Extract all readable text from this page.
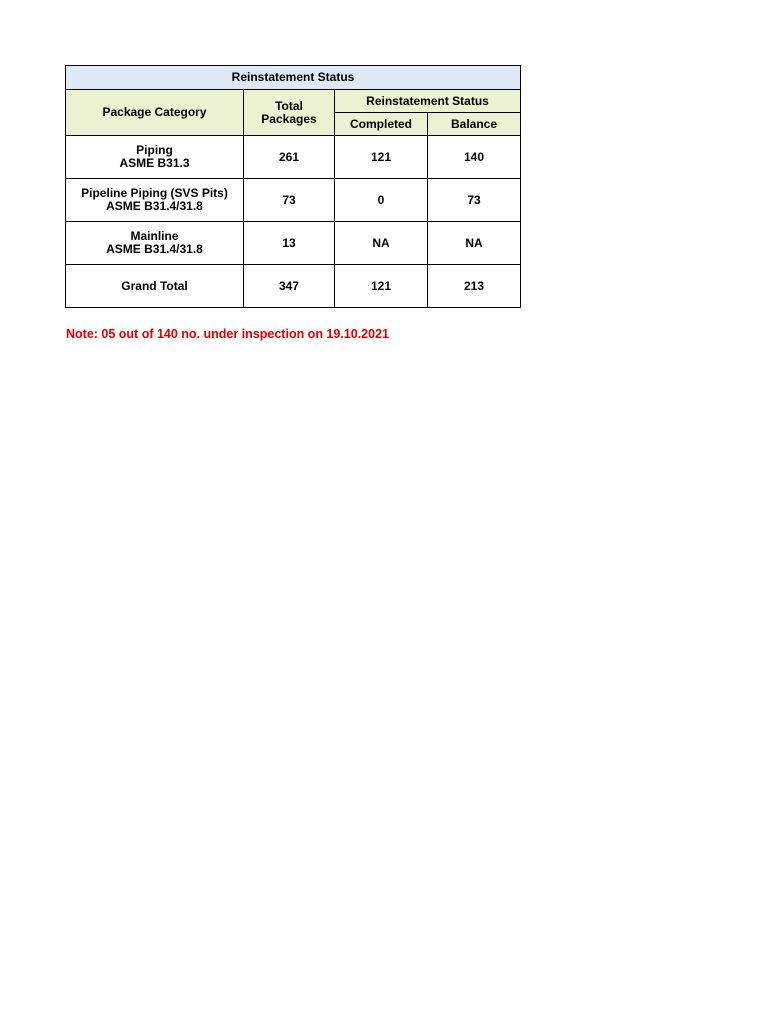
Reinstatement Status			
Package Category	Total Packages	Reinstatement Status	
		Completed	Balance

Piping
ASME B31.3	261	121	140

Pipeline Piping (SVS Pits)
ASME B31.4/31.8	73	0	73

Mainline
ASME B31.4/31.8	13	NA	NA
Grand Total	347	121	213
Note: 05 out of 140 no. under inspection on 19.10.2021
